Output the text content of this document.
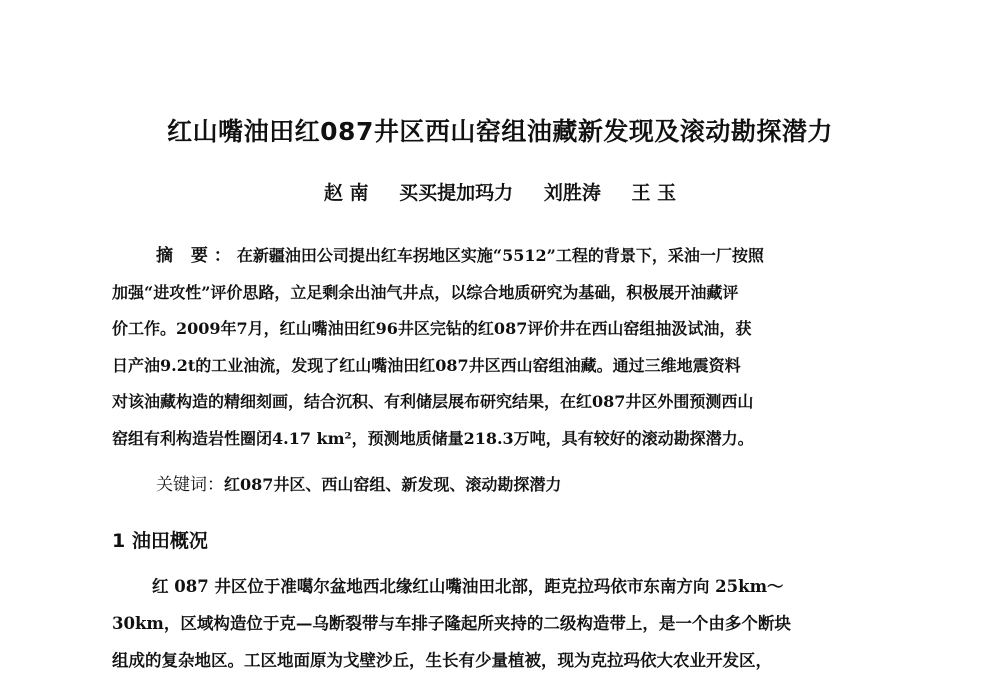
红山嘴油田红087井区西山窑组油藏新发现及滚动勘探潜力
赵 南 买买提加玛力 刘胜涛 王 玉
摘 要：在新疆油田公司提出红车拐地区实施“5512”工程的背景下，采油一厂按照
加强“进攻性”评价思路，立足剩余出油气井点，以综合地质研究为基础，积极展开油藏评
价工作。2009年7月，红山嘴油田红96井区完钻的红087评价井在西山窑组抽汲试油，获
日产油9.2t的工业油流，发现了红山嘴油田红087井区西山窑组油藏。通过三维地震资料
对该油藏构造的精细刻画，结合沉积、有利储层展布研究结果，在红087井区外围预测西山
窑组有利构造岩性圈闭4.17 km²，预测地质储量218.3万吨，具有较好的滚动勘探潜力。
关键词：红087井区、西山窑组、新发现、滚动勘探潜力
1 油田概况
红 087 井区位于准噶尔盆地西北缘红山嘴油田北部，距克拉玛依市东南方向 25km～
30km，区域构造位于克—乌断裂带与车排子隆起所夹持的二级构造带上，是一个由多个断块
组成的复杂地区。工区地面原为戈壁沙丘，生长有少量植被，现为克拉玛依大农业开发区，
